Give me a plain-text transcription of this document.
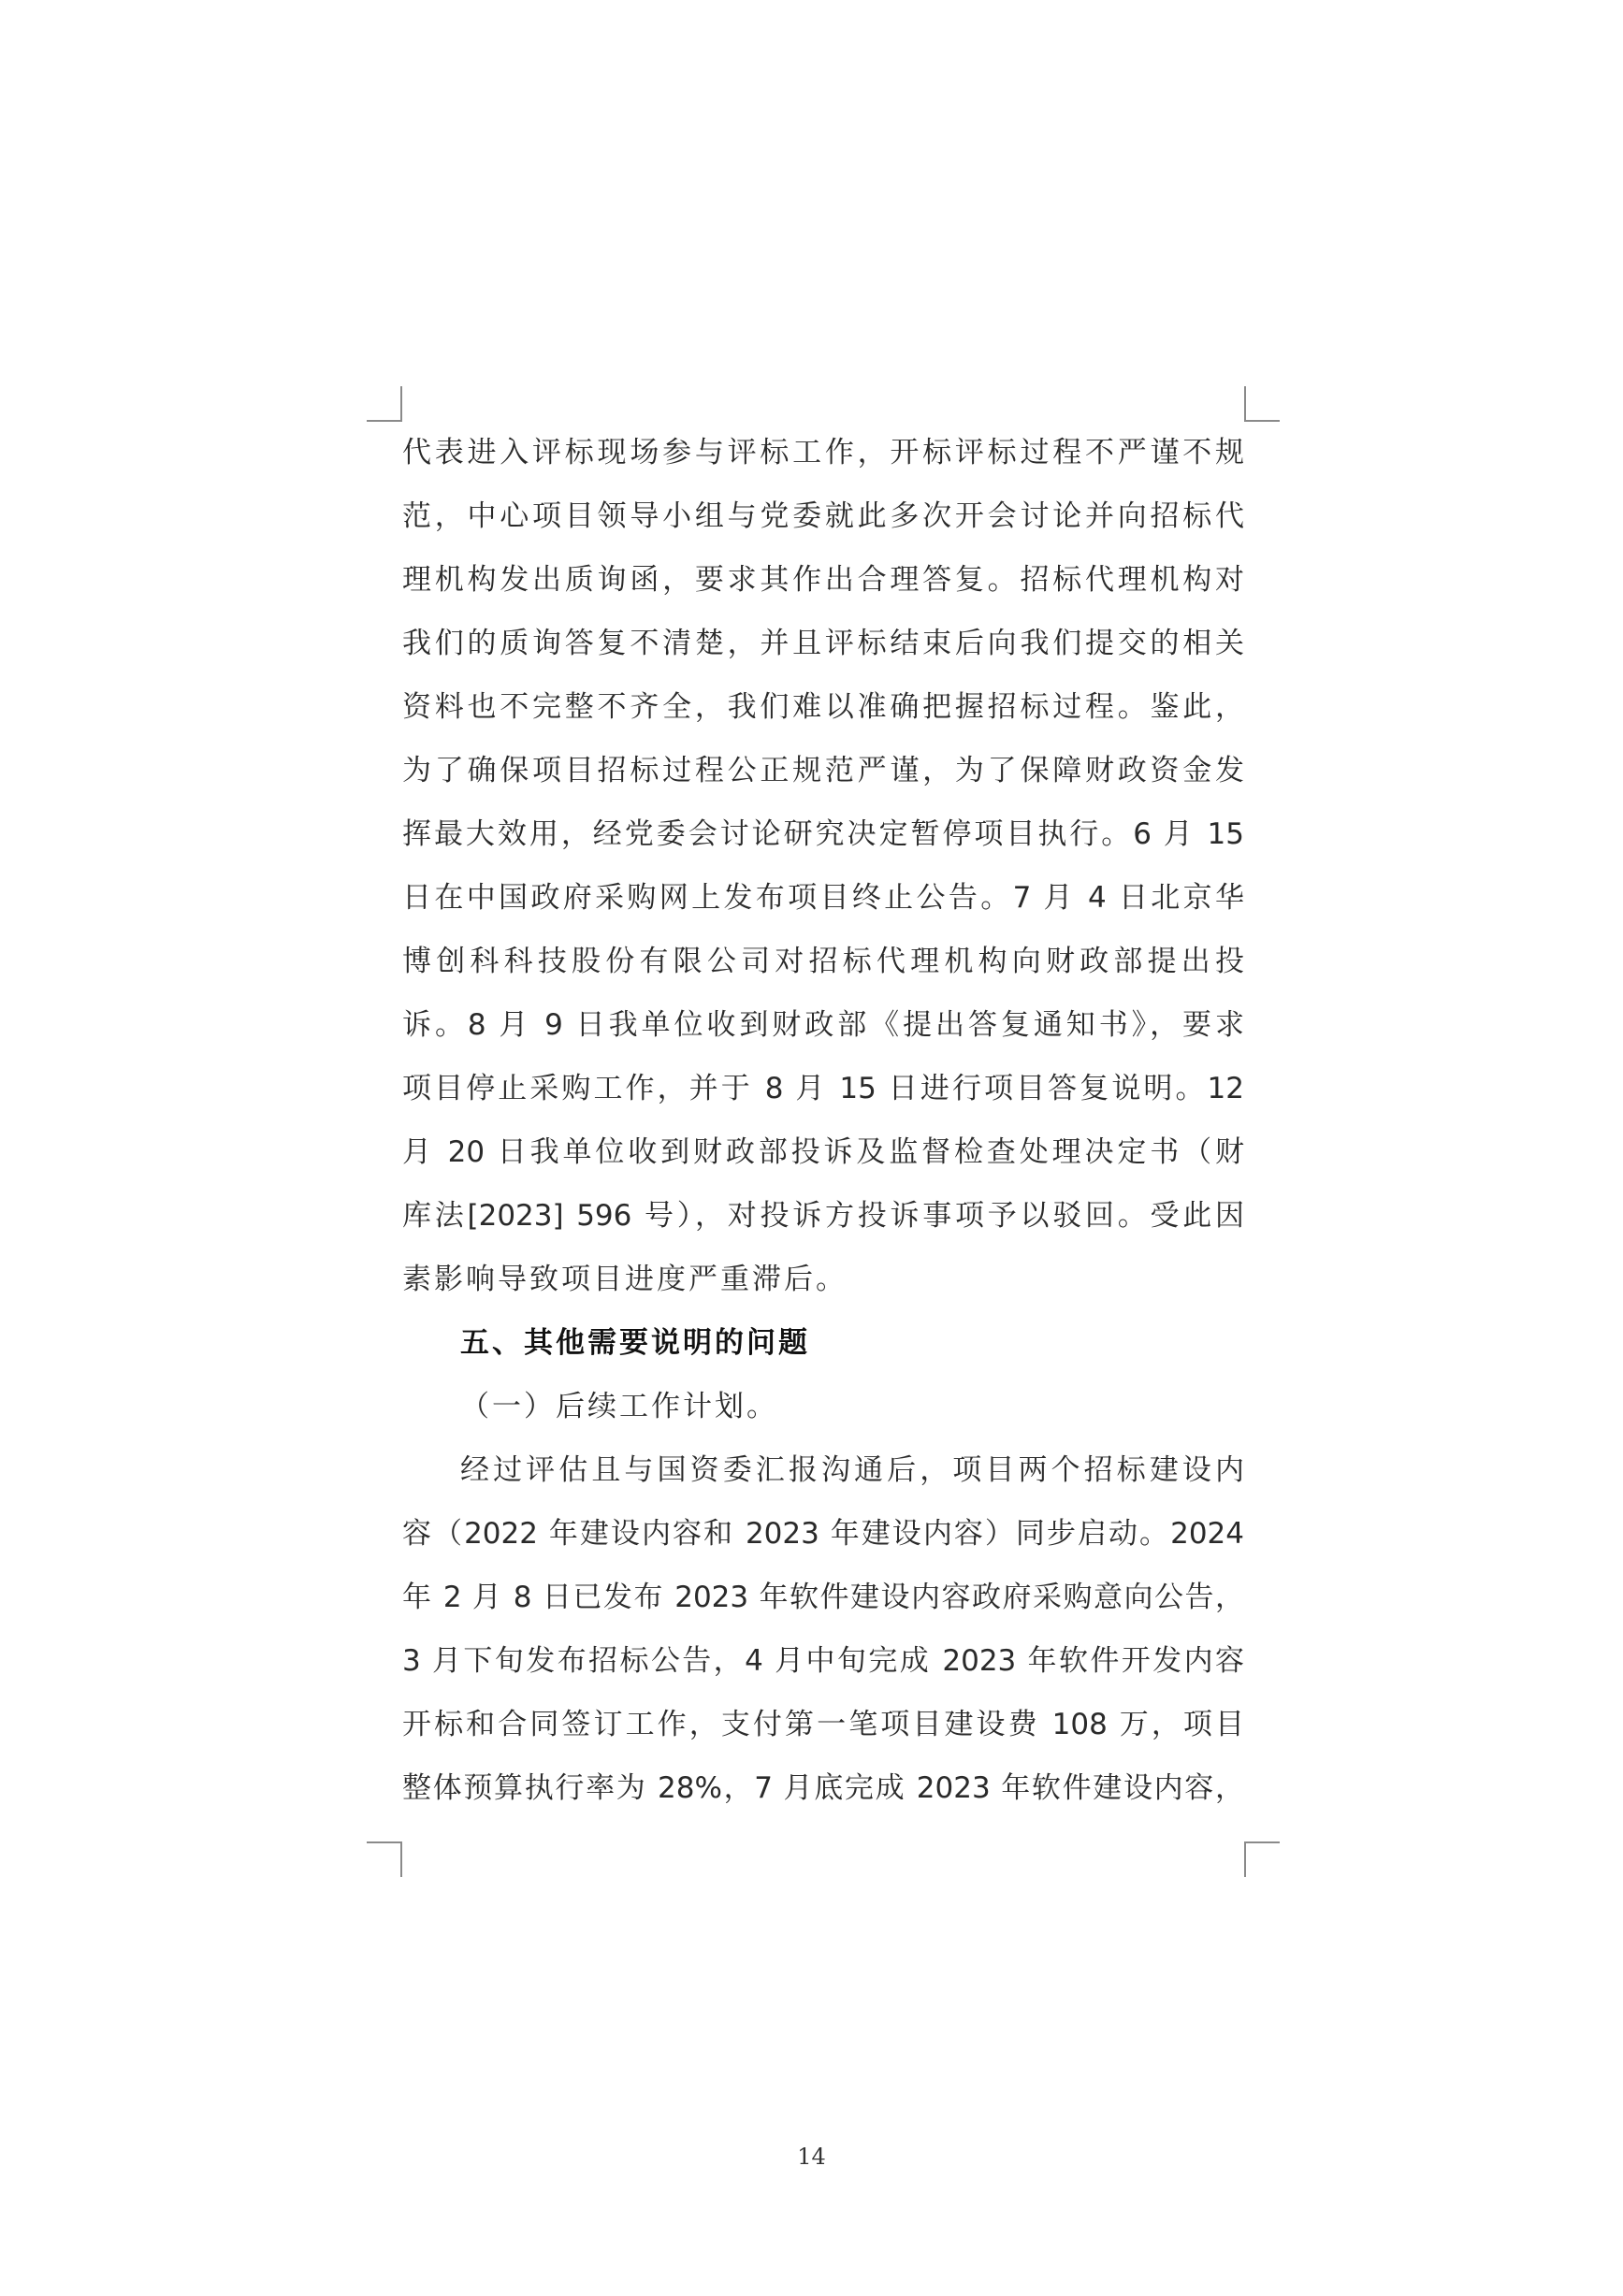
代表进入评标现场参与评标工作，开标评标过程不严谨不规
范，中心项目领导小组与党委就此多次开会讨论并向招标代
理机构发出质询函，要求其作出合理答复。招标代理机构对
我们的质询答复不清楚，并且评标结束后向我们提交的相关
资料也不完整不齐全，我们难以准确把握招标过程。鉴此，
为了确保项目招标过程公正规范严谨，为了保障财政资金发
挥最大效用，经党委会讨论研究决定暂停项目执行。6 月 15
日在中国政府采购网上发布项目终止公告。7 月 4 日北京华
博创科科技股份有限公司对招标代理机构向财政部提出投
诉。8 月 9 日我单位收到财政部《提出答复通知书》，要求
项目停止采购工作，并于 8 月 15 日进行项目答复说明。12
月 20 日我单位收到财政部投诉及监督检查处理决定书（财
库法[2023] 596 号），对投诉方投诉事项予以驳回。受此因
素影响导致项目进度严重滞后。
五、其他需要说明的问题
（一）后续工作计划。
经过评估且与国资委汇报沟通后，项目两个招标建设内
容（2022 年建设内容和 2023 年建设内容）同步启动。2024
年 2 月 8 日已发布 2023 年软件建设内容政府采购意向公告，
3 月下旬发布招标公告，4 月中旬完成 2023 年软件开发内容
开标和合同签订工作，支付第一笔项目建设费 108 万，项目
整体预算执行率为 28%，7 月底完成 2023 年软件建设内容，
14
